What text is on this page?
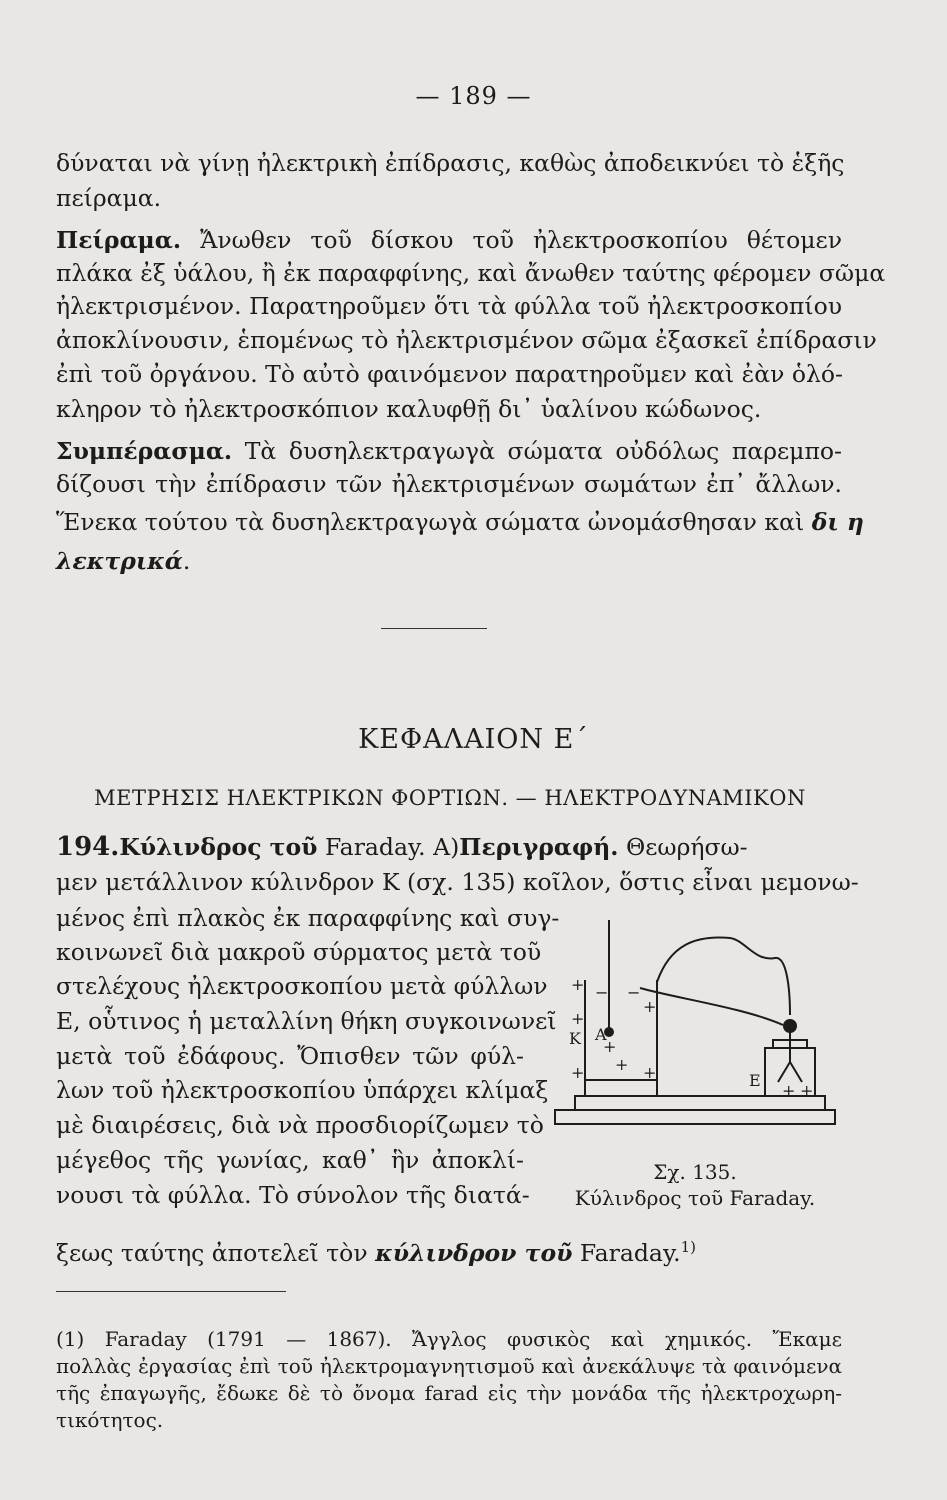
— 189 —
δύναται νὰ γίνῃ ἠλεκτρικὴ ἐπίδρασις, καθὼς ἀποδεικνύει τὸ ἑξῆς
πείραμα.
Πείραμα. Ἄνωθεν τοῦ δίσκου τοῦ ἠλεκτροσκοπίου θέτομεν
πλάκα ἐξ ὑάλου, ἢ ἐκ παραφφίνης, καὶ ἄνωθεν ταύτης φέρομεν σῶμα
ἠλεκτρισμένον. Παρατηροῦμεν ὅτι τὰ φύλλα τοῦ ἠλεκτροσκοπίου
ἀποκλίνουσιν, ἑπομένως τὸ ἠλεκτρισμένον σῶμα ἐξασκεῖ ἐπίδρασιν
ἐπὶ τοῦ ὀργάνου. Τὸ αὐτὸ φαινόμενον παρατηροῦμεν καὶ ἐὰν ὁλό-
κληρον τὸ ἠλεκτροσκόπιον καλυφθῇ δι᾽ ὑαλίνου κώδωνος.
Συμπέρασμα. Τὰ δυσηλεκτραγωγὰ σώματα οὐδόλως παρεμπο-
δίζουσι τὴν ἐπίδρασιν τῶν ἠλεκτρισμένων σωμάτων ἐπ᾽ ἄλλων.
Ἕνεκα τούτου τὰ δυσηλεκτραγωγὰ σώματα ὠνομάσθησαν καὶ δι η
λεκτρικά.
ΚΕΦΑΛΑΙΟΝ Ε΄
ΜΕΤΡΗΣΙΣ ΗΛΕΚΤΡΙΚΩΝ ΦΟΡΤΙΩΝ. — ΗΛΕΚΤΡΟΔΥΝΑΜΙΚΟΝ
194.Κύλινδρος τοῦ Faraday. Α)Περιγραφή. Θεωρήσω-
μεν μετάλλινον κύλινδρον Κ (σχ. 135) κοῖλον, ὅστις εἶναι μεμονω-
μένος ἐπὶ πλακὸς ἐκ παραφφίνης καὶ συγ-
κοινωνεῖ διὰ μακροῦ σύρματος μετὰ τοῦ
στελέχους ἠλεκτροσκοπίου μετὰ φύλλων
Ε, οὗτινος ἡ μεταλλίνη θήκη συγκοινωνεῖ
μετὰ τοῦ ἐδάφους. Ὄπισθεν τῶν φύλ-
λων τοῦ ἠλεκτροσκοπίου ὑπάρχει κλίμαξ
μὲ διαιρέσεις, διὰ νὰ προσδιορίζωμεν τὸ
μέγεθος τῆς γωνίας, καθ᾽ ἣν ἀποκλί-
νουσι τὰ φύλλα. Τὸ σύνολον τῆς διατά-
+
+
+
− −
+
+
+ +
Κ Α
Ε
+ +
Σχ. 135.
Κύλινδρος τοῦ Faraday.
ξεως ταύτης ἀποτελεῖ τὸν κύλινδρον τοῦ Faraday.$^{1)}$
(1) Faraday (1791 — 1867). Ἄγγλος φυσικὸς καὶ χημικός. Ἔκαμε
πολλὰς ἐργασίας ἐπὶ τοῦ ἠλεκτρομαγνητισμοῦ καὶ ἀνεκάλυψε τὰ φαινόμενα
τῆς ἐπαγωγῆς, ἔδωκε δὲ τὸ ὄνομα farad εἰς τὴν μονάδα τῆς ἠλεκτροχωρη-
τικότητος.
